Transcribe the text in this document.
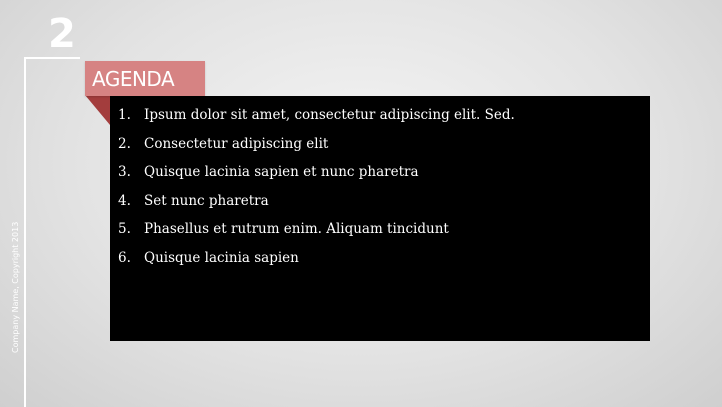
2
Company Name, Copyright 2013
AGENDA
1. Ipsum dolor sit amet, consectetur adipiscing elit. Sed.
2. Consectetur adipiscing elit
3. Quisque lacinia sapien et nunc pharetra
4. Set nunc pharetra
5. Phasellus et rutrum enim. Aliquam tincidunt
6. Quisque lacinia sapien
